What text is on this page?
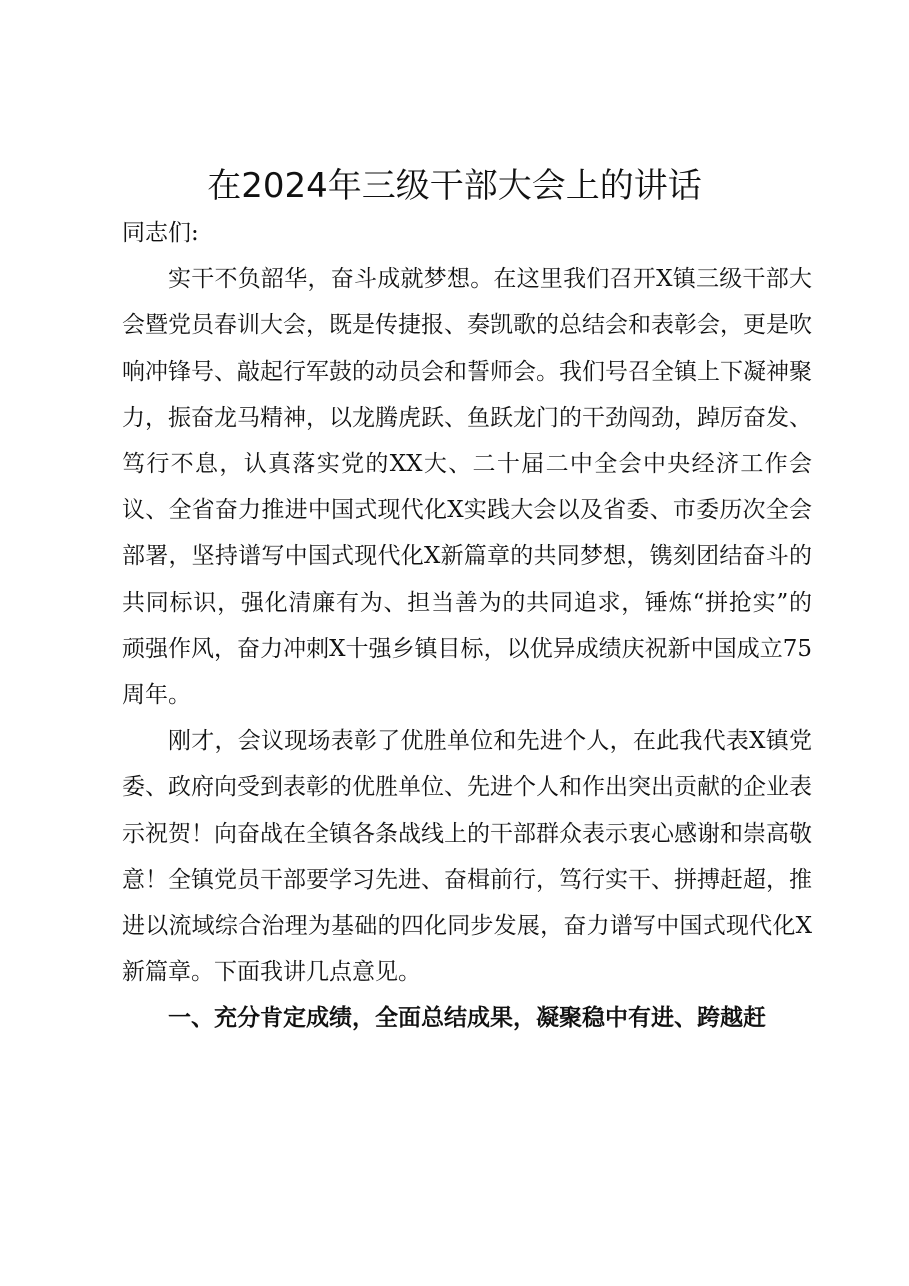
在2024年三级干部大会上的讲话

同志们:

实干不负韶华，奋斗成就梦想。在这里我们召开X镇三级干部大会暨党员春训大会，既是传捷报、奏凯歌的总结会和表彰会，更是吹响冲锋号、敲起行军鼓的动员会和誓师会。我们号召全镇上下凝神聚力，振奋龙马精神，以龙腾虎跃、鱼跃龙门的干劲闯劲，踔厉奋发、笃行不息，认真落实党的XX大、二十届二中全会中央经济工作会议、全省奋力推进中国式现代化X实践大会以及省委、市委历次全会部署，坚持谱写中国式现代化X新篇章的共同梦想，镌刻团结奋斗的共同标识，强化清廉有为、担当善为的共同追求，锤炼“拼抢实”的顽强作风，奋力冲刺X十强乡镇目标，以优异成绩庆祝新中国成立75周年。

刚才，会议现场表彰了优胜单位和先进个人，在此我代表X镇党委、政府向受到表彰的优胜单位、先进个人和作出突出贡献的企业表示祝贺！向奋战在全镇各条战线上的干部群众表示衷心感谢和崇高敬意！全镇党员干部要学习先进、奋楫前行，笃行实干、拼搏赶超，推进以流域综合治理为基础的四化同步发展，奋力谱写中国式现代化X新篇章。下面我讲几点意见。

一、充分肯定成绩，全面总结成果，凝聚稳中有进、跨越赶
